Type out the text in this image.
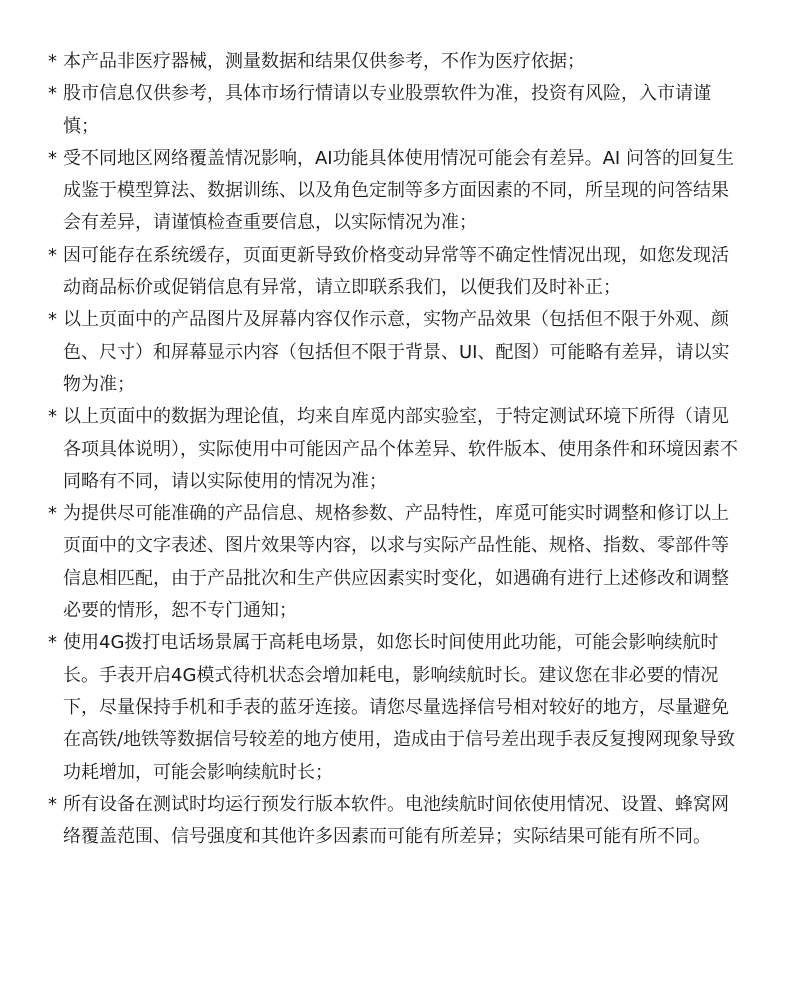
* 本产品非医疗器械，测量数据和结果仅供参考，不作为医疗依据；
* 股市信息仅供参考，具体市场行情请以专业股票软件为准，投资有风险，入市请谨慎；
* 受不同地区网络覆盖情况影响，AI功能具体使用情况可能会有差异。AI 问答的回复生成鉴于模型算法、数据训练、以及角色定制等多方面因素的不同，所呈现的问答结果会有差异，请谨慎检查重要信息，以实际情况为准；
* 因可能存在系统缓存，页面更新导致价格变动异常等不确定性情况出现，如您发现活动商品标价或促销信息有异常，请立即联系我们，以便我们及时补正；
* 以上页面中的产品图片及屏幕内容仅作示意，实物产品效果（包括但不限于外观、颜色、尺寸）和屏幕显示内容（包括但不限于背景、UI、配图）可能略有差异，请以实物为准；
* 以上页面中的数据为理论值，均来自库觅内部实验室，于特定测试环境下所得（请见各项具体说明），实际使用中可能因产品个体差异、软件版本、使用条件和环境因素不同略有不同，请以实际使用的情况为准；
* 为提供尽可能准确的产品信息、规格参数、产品特性，库觅可能实时调整和修订以上页面中的文字表述、图片效果等内容，以求与实际产品性能、规格、指数、零部件等信息相匹配，由于产品批次和生产供应因素实时变化，如遇确有进行上述修改和调整必要的情形，恕不专门通知；
* 使用4G拨打电话场景属于高耗电场景，如您长时间使用此功能，可能会影响续航时长。手表开启4G模式待机状态会增加耗电，影响续航时长。建议您在非必要的情况下，尽量保持手机和手表的蓝牙连接。请您尽量选择信号相对较好的地方，尽量避免在高铁/地铁等数据信号较差的地方使用，造成由于信号差出现手表反复搜网现象导致功耗增加，可能会影响续航时长；
* 所有设备在测试时均运行预发行版本软件。电池续航时间依使用情况、设置、蜂窝网络覆盖范围、信号强度和其他许多因素而可能有所差异；实际结果可能有所不同。
